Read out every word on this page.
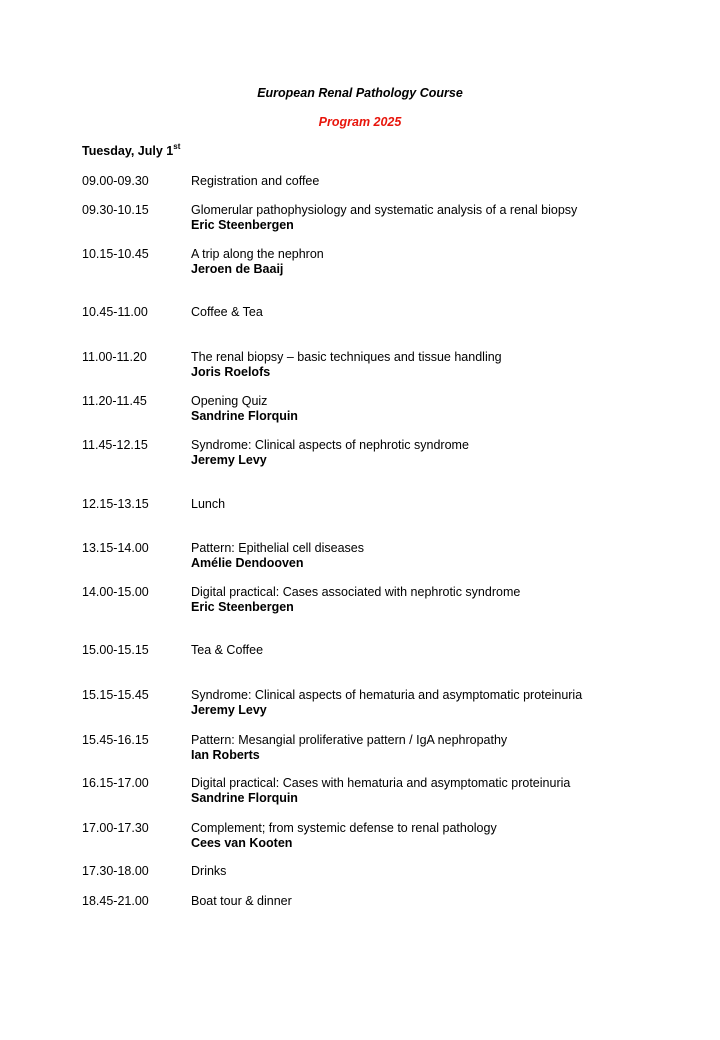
European Renal Pathology Course
Program 2025
Tuesday, July 1st
09.00-09.30	Registration and coffee
09.30-10.15	Glomerular pathophysiology and systematic analysis of a renal biopsy
Eric Steenbergen
10.15-10.45	A trip along the nephron
Jeroen de Baaij
10.45-11.00	Coffee & Tea
11.00-11.20	The renal biopsy – basic techniques and tissue handling
Joris Roelofs
11.20-11.45	Opening Quiz
Sandrine Florquin
11.45-12.15	Syndrome: Clinical aspects of nephrotic syndrome
Jeremy Levy
12.15-13.15	Lunch
13.15-14.00	Pattern: Epithelial cell diseases
Amélie Dendooven
14.00-15.00	Digital practical: Cases associated with nephrotic syndrome
Eric Steenbergen
15.00-15.15	Tea & Coffee
15.15-15.45	Syndrome: Clinical aspects of hematuria and asymptomatic proteinuria
Jeremy Levy
15.45-16.15	Pattern: Mesangial proliferative pattern / IgA nephropathy
Ian Roberts
16.15-17.00	Digital practical: Cases with hematuria and asymptomatic proteinuria
Sandrine Florquin
17.00-17.30	Complement; from systemic defense to renal pathology
Cees van Kooten
17.30-18.00	Drinks
18.45-21.00	Boat tour & dinner
